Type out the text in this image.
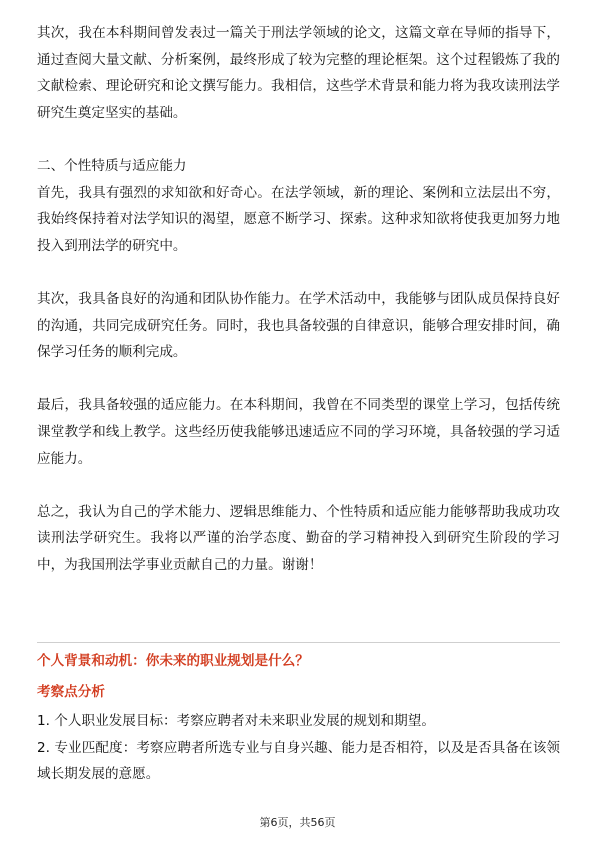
其次，我在本科期间曾发表过一篇关于刑法学领域的论文，这篇文章在导师的指导下，通过查阅大量文献、分析案例，最终形成了较为完整的理论框架。这个过程锻炼了我的文献检索、理论研究和论文撰写能力。我相信，这些学术背景和能力将为我攻读刑法学研究生奠定坚实的基础。

二、个性特质与适应能力

首先，我具有强烈的求知欲和好奇心。在法学领域，新的理论、案例和立法层出不穷，我始终保持着对法学知识的渴望，愿意不断学习、探索。这种求知欲将使我更加努力地投入到刑法学的研究中。

其次，我具备良好的沟通和团队协作能力。在学术活动中，我能够与团队成员保持良好的沟通，共同完成研究任务。同时，我也具备较强的自律意识，能够合理安排时间，确保学习任务的顺利完成。

最后，我具备较强的适应能力。在本科期间，我曾在不同类型的课堂上学习，包括传统课堂教学和线上教学。这些经历使我能够迅速适应不同的学习环境，具备较强的学习适应能力。

总之，我认为自己的学术能力、逻辑思维能力、个性特质和适应能力能够帮助我成功攻读刑法学研究生。我将以严谨的治学态度、勤奋的学习精神投入到研究生阶段的学习中，为我国刑法学事业贡献自己的力量。谢谢！

个人背景和动机：你未来的职业规划是什么？

考察点分析

1. 个人职业发展目标：考察应聘者对未来职业发展的规划和期望。

2. 专业匹配度：考察应聘者所选专业与自身兴趣、能力是否相符，以及是否具备在该领域长期发展的意愿。

第6页，共56页
